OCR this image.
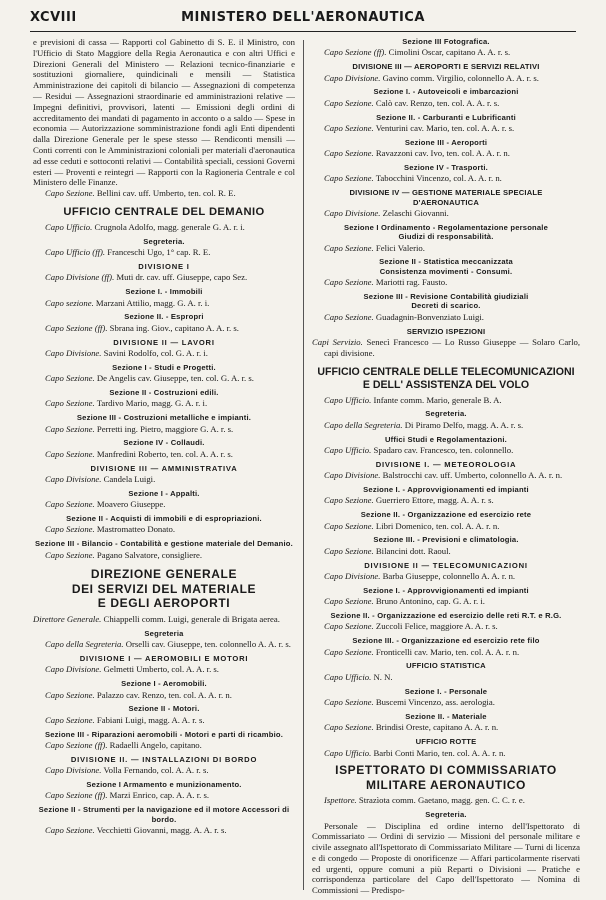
XCVIII	MINISTERO DELL'AERONAUTICA

e previsioni di cassa — Rapporti col Gabinetto di S. E. il Ministro, con l'Ufficio di Stato Maggiore della Regia Aeronautica e con altri Uffici e Direzioni Generali del Ministero — Relazioni tecnico-finanziarie e sostituzioni giornaliere, quindicinali e mensili — Statistica Amministrazione dei capitoli di bilancio — Assegnazioni di competenza — Residui — Assegnazioni straordinarie ed amministrazioni relative — Impegni definitivi, provvisori, latenti — Emissioni degli ordini di accreditamento dei mandati di pagamento in acconto o a saldo — Spese in economia — Autorizzazione somministrazione fondi agli Enti dipendenti dalla Direzione Generale per le spese stesso — Rendiconti mensili — Conti correnti con le Amministrazioni coloniali per materiali d'aeronautica ad esse ceduti e sottoconti relativi — Contabilità speciali, cessioni Governi esteri — Proventi e reintegri — Rapporti con la Ragioneria Centrale e col Ministero delle Finanze.

Capo Sezione. Bellini cav. uff. Umberto, ten. col. R. E.

UFFICIO CENTRALE DEL DEMANIO

Capo Ufficio. Crugnola Adolfo, magg. generale G. A. r. i.

Segreteria.

Capo Ufficio (ff). Franceschi Ugo, 1° cap. R. E.

DIVISIONE I

Capo Divisione (ff). Muti dr. cav. uff. Giuseppe, capo Sez.

Sezione I. - Immobili

Capo sezione. Marzani Attilio, magg. G. A. r. i.

Sezione II. - Espropri

Capo Sezione (ff). Sbrana ing. Giov., capitano A. A. r. s.

DIVISIONE II — LAVORI

Capo Divisione. Savini Rodolfo, col. G. A. r. i.

Sezione I - Studi e Progetti.

Capo Sezione. De Angelis cav. Giuseppe, ten. col. G. A. r. s.

Sezione II - Costruzioni edili.

Capo Sezione. Tardivo Mario, magg. G. A. r. i.

Sezione III - Costruzioni metalliche e impianti.

Capo Sezione. Perretti ing. Pietro, maggiore G. A. r. s.

Sezione IV - Collaudi.

Capo Sezione. Manfredini Roberto, ten. col. A. A. r. s.

DIVISIONE III — AMMINISTRATIVA

Capo Divisione. Candela Luigi.

Sezione I - Appalti.

Capo Sezione. Moavero Giuseppe.

Sezione II - Acquisti di immobili e di espropriazioni.

Capo Sezione. Mastromatteo Donato.

Sezione III - Bilancio - Contabilità e gestione materiale del Demanio.

Capo Sezione. Pagano Salvatore, consigliere.

DIREZIONE GENERALE
DEI SERVIZI DEL MATERIALE
E DEGLI AEROPORTI

Direttore Generale. Chiappelli comm. Luigi, generale di Brigata aerea.

Segreteria

Capo della Segreteria. Orselli cav. Giuseppe, ten. colonnello A. A. r. s.

DIVISIONE I — AEROMOBILI E MOTORI

Capo Divisione. Gelmetti Umberto, col. A. A. r. s.

Sezione I - Aeromobili.

Capo Sezione. Palazzo cav. Renzo, ten. col. A. A. r. n.

Sezione II - Motori.

Capo Sezione. Fabiani Luigi, magg. A. A. r. s.

Sezione III - Riparazioni aeromobili - Motori e parti di ricambio.

Capo Sezione (ff). Radaelli Angelo, capitano.

DIVISIONE II. — INSTALLAZIONI DI BORDO

Capo Divisione. Volla Fernando, col. A. A. r. s.

Sezione I Armamento e munizionamento.

Capo Sezione (ff). Marzi Enrico, cap. A. A. r. s.

Sezione II - Strumenti per la navigazione ed il motore Accessori di bordo.

Capo Sezione. Vecchietti Giovanni, magg. A. A. r. s.

Sezione III Fotografica.

Capo Sezione (ff). Cimolini Oscar, capitano A. A. r. s.

DIVISIONE III — AEROPORTI E SERVIZI RELATIVI

Capo Divisione. Gavino comm. Virgilio, colonnello A. A. r. s.

Sezione I. - Autoveicoli e imbarcazioni

Capo Sezione. Calò cav. Renzo, ten. col. A. A. r. s.

Sezione II. - Carburanti e Lubrificanti

Capo Sezione. Venturini cav. Mario, ten. col. A. A. r. s.

Sezione III - Aeroporti

Capo Sezione. Ravazzoni cav. Ivo, ten. col. A. A. r. n.

Sezione IV - Trasporti.

Capo Sezione. Tabocchini Vincenzo, col. A. A. r. n.

DIVISIONE IV — GESTIONE MATERIALE SPECIALE
D'AERONAUTICA

Capo Divisione. Zelaschi Giovanni.

Sezione I Ordinamento - Regolamentazione personale
Giudizi di responsabilità.

Capo Sezione. Felici Valerio.

Sezione II - Statistica meccanizzata
Consistenza movimenti - Consumi.

Capo Sezione. Mariotti rag. Fausto.

Sezione III - Revisione Contabilità giudiziali
Decreti di scarico.

Capo Sezione. Guadagnin-Bonvenziato Luigi.

SERVIZIO ISPEZIONI

Capi Servizio. Senecì Francesco — Lo Russo Giuseppe — Solaro Carlo, capi divisione.

UFFICIO CENTRALE DELLE TELECOMUNICAZIONI
E DELL' ASSISTENZA DEL VOLO

Capo Ufficio. Infante comm. Mario, generale B. A.

Segreteria.

Capo della Segreteria. Di Piramo Delfo, magg. A. A. r. s.

Uffici Studi e Regolamentazioni.

Capo Ufficio. Spadaro cav. Francesco, ten. colonnello.

DIVISIONE I. — METEOROLOGIA

Capo Divisione. Balstrocchi cav. uff. Umberto, colonnello A. A. r. n.

Sezione I. - Approvvigionamenti ed impianti

Capo Sezione. Guerriero Ettore, magg. A. A. r. s.

Sezione II. - Organizzazione ed esercizio rete

Capo Sezione. Libri Domenico, ten. col. A. A. r. n.

Sezione III. - Previsioni e climatologia.

Capo Sezione. Bilancini dott. Raoul.

DIVISIONE II — TELECOMUNICAZIONI

Capo Divisione. Barba Giuseppe, colonnello A. A. r. n.

Sezione I. - Approvvigionamenti ed impianti

Capo Sezione. Bruno Antonino, cap. G. A. r. i.

Sezione II. - Organizzazione ed esercizio delle reti R.T. e R.G.

Capo Sezione. Zuccoli Felice, maggiore A. A. r. s.

Sezione III. - Organizzazione ed esercizio rete filo

Capo Sezione. Fronticelli cav. Mario, ten. col. A. A. r. n.

UFFICIO STATISTICA

Capo Ufficio. N. N.

Sezione I. - Personale

Capo Sezione. Buscemi Vincenzo, ass. aerologia.

Sezione II. - Materiale

Capo Sezione. Brindisi Oreste, capitano A. A. r. n.

UFFICIO ROTTE

Capo Ufficio. Barbi Conti Mario, ten. col. A. A. r. n.

ISPETTORATO DI COMMISSARIATO
MILITARE AERONAUTICO

Ispettore. Strazìota comm. Gaetano, magg. gen. C. C. r. e.

Segreteria.

Personale — Disciplina ed ordine interno dell'Ispettorato di Commissariato — Ordini di servizio — Missioni del personale militare e civile assegnato all'Ispettorato di Commissariato Militare — Turni di licenza e di congedo — Proposte di onorificenze — Affari particolarmente riservati ed urgenti, oppure comuni a più Reparti o Divisioni — Pratiche e corrispondenza particolare del Capo dell'Ispettorato — Nomina di Commissioni — Predispo-
